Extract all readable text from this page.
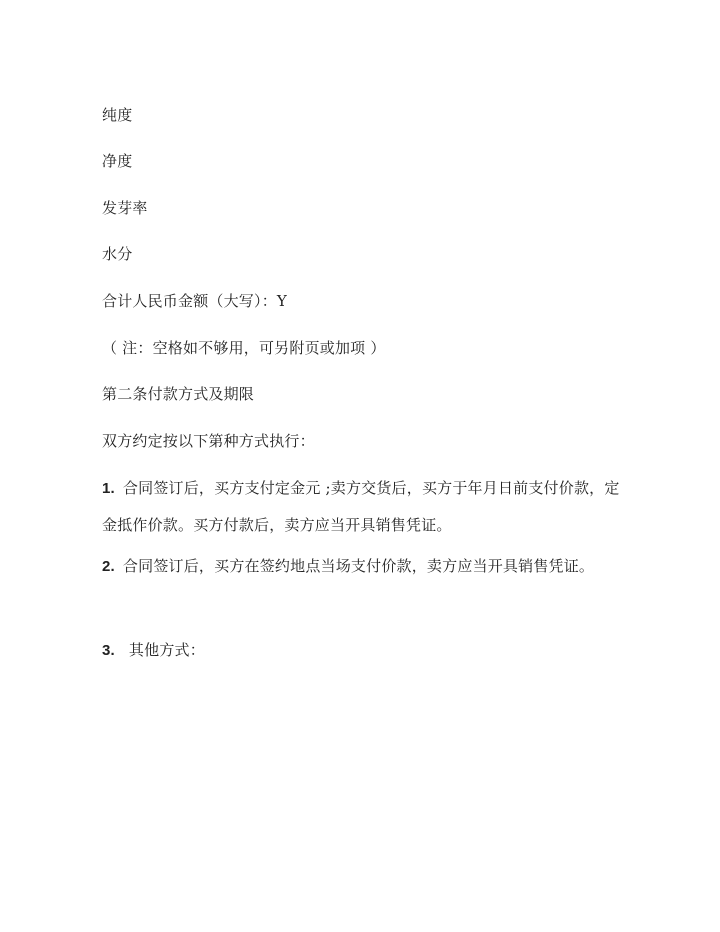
纯度
净度
发芽率
水分
合计人民币金额（大写）：Y
（ 注：空格如不够用，可另附页或加项 ）
第二条付款方式及期限
双方约定按以下第种方式执行：
1. 合同签订后，买方支付定金元 ;卖方交货后，买方于年月日前支付价款，定金抵作价款。买方付款后，卖方应当开具销售凭证。
2. 合同签订后，买方在签约地点当场支付价款，卖方应当开具销售凭证。
3. 其他方式：
